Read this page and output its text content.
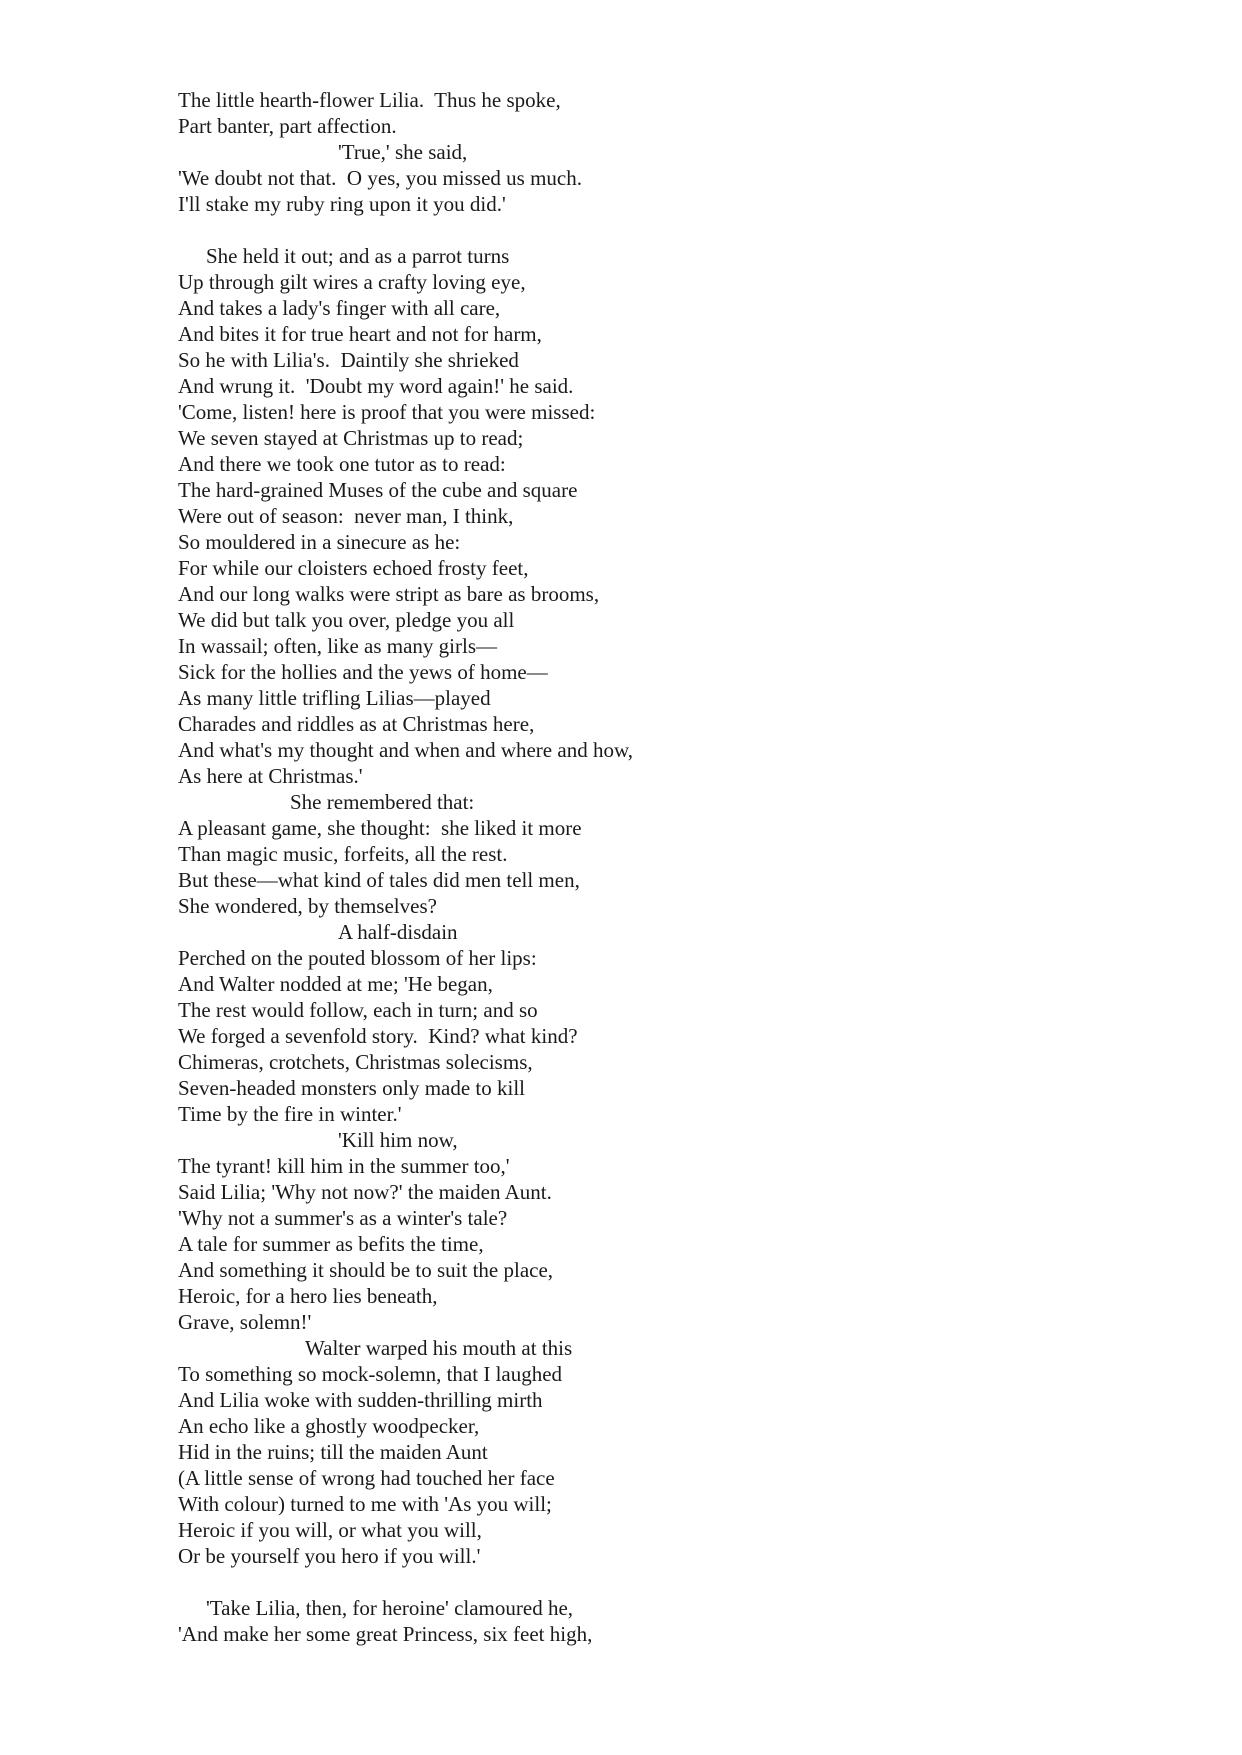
The little hearth-flower Lilia.  Thus he spoke,
Part banter, part affection.
'True,' she said,
'We doubt not that.  O yes, you missed us much.
I'll stake my ruby ring upon it you did.'
She held it out; and as a parrot turns
Up through gilt wires a crafty loving eye,
And takes a lady's finger with all care,
And bites it for true heart and not for harm,
So he with Lilia's.  Daintily she shrieked
And wrung it.  'Doubt my word again!' he said.
'Come, listen! here is proof that you were missed:
We seven stayed at Christmas up to read;
And there we took one tutor as to read:
The hard-grained Muses of the cube and square
Were out of season:  never man, I think,
So mouldered in a sinecure as he:
For while our cloisters echoed frosty feet,
And our long walks were stript as bare as brooms,
We did but talk you over, pledge you all
In wassail; often, like as many girls—
Sick for the hollies and the yews of home—
As many little trifling Lilias—played
Charades and riddles as at Christmas here,
And what's my thought and when and where and how,
As here at Christmas.'
She remembered that:
A pleasant game, she thought:  she liked it more
Than magic music, forfeits, all the rest.
But these—what kind of tales did men tell men,
She wondered, by themselves?
A half-disdain
Perched on the pouted blossom of her lips:
And Walter nodded at me; 'He began,
The rest would follow, each in turn; and so
We forged a sevenfold story.  Kind? what kind?
Chimeras, crotchets, Christmas solecisms,
Seven-headed monsters only made to kill
Time by the fire in winter.'
'Kill him now,
The tyrant! kill him in the summer too,'
Said Lilia; 'Why not now?' the maiden Aunt.
'Why not a summer's as a winter's tale?
A tale for summer as befits the time,
And something it should be to suit the place,
Heroic, for a hero lies beneath,
Grave, solemn!'
Walter warped his mouth at this
To something so mock-solemn, that I laughed
And Lilia woke with sudden-thrilling mirth
An echo like a ghostly woodpecker,
Hid in the ruins; till the maiden Aunt
(A little sense of wrong had touched her face
With colour) turned to me with 'As you will;
Heroic if you will, or what you will,
Or be yourself you hero if you will.'
'Take Lilia, then, for heroine' clamoured he,
'And make her some great Princess, six feet high,
